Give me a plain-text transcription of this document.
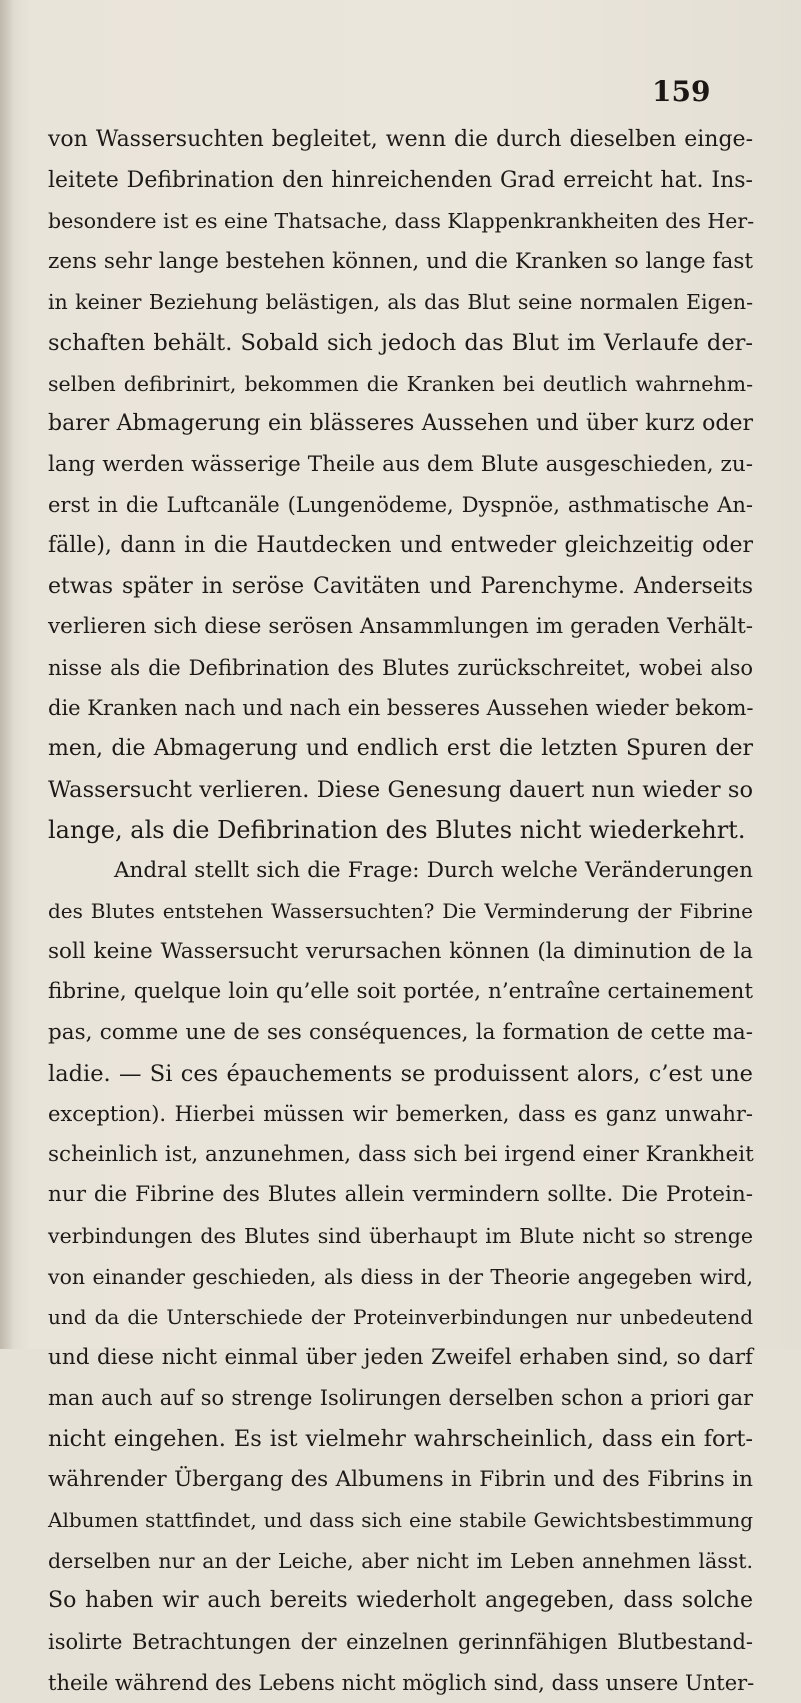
159
von Wassersuchten begleitet, wenn die durch dieselben einge-
leitete Defibrination den hinreichenden Grad erreicht hat. Ins-
besondere ist es eine Thatsache, dass Klappenkrankheiten des Her-
zens sehr lange bestehen können, und die Kranken so lange fast
in keiner Beziehung belästigen, als das Blut seine normalen Eigen-
schaften behält. Sobald sich jedoch das Blut im Verlaufe der-
selben defibrinirt, bekommen die Kranken bei deutlich wahrnehm-
barer Abmagerung ein blässeres Aussehen und über kurz oder
lang werden wässerige Theile aus dem Blute ausgeschieden, zu-
erst in die Luftcanäle (Lungenödeme, Dyspnöe, asthmatische An-
fälle), dann in die Hautdecken und entweder gleichzeitig oder
etwas später in seröse Cavitäten und Parenchyme. Anderseits
verlieren sich diese serösen Ansammlungen im geraden Verhält-
nisse als die Defibrination des Blutes zurückschreitet, wobei also
die Kranken nach und nach ein besseres Aussehen wieder bekom-
men, die Abmagerung und endlich erst die letzten Spuren der
Wassersucht verlieren. Diese Genesung dauert nun wieder so
lange, als die Defibrination des Blutes nicht wiederkehrt.
Andral stellt sich die Frage: Durch welche Veränderungen
des Blutes entstehen Wassersuchten? Die Verminderung der Fibrine
soll keine Wassersucht verursachen können (la diminution de la
fibrine, quelque loin qu’elle soit portée, n’entraîne certainement
pas, comme une de ses conséquences, la formation de cette ma-
ladie. — Si ces épauchements se produissent alors, c’est une
exception). Hierbei müssen wir bemerken, dass es ganz unwahr-
scheinlich ist, anzunehmen, dass sich bei irgend einer Krankheit
nur die Fibrine des Blutes allein vermindern sollte. Die Protein-
verbindungen des Blutes sind überhaupt im Blute nicht so strenge
von einander geschieden, als diess in der Theorie angegeben wird,
und da die Unterschiede der Proteinverbindungen nur unbedeutend
und diese nicht einmal über jeden Zweifel erhaben sind, so darf
man auch auf so strenge Isolirungen derselben schon a priori gar
nicht eingehen. Es ist vielmehr wahrscheinlich, dass ein fort-
währender Übergang des Albumens in Fibrin und des Fibrins in
Albumen stattfindet, und dass sich eine stabile Gewichtsbestimmung
derselben nur an der Leiche, aber nicht im Leben annehmen lässt.
So haben wir auch bereits wiederholt angegeben, dass solche
isolirte Betrachtungen der einzelnen gerinnfähigen Blutbestand-
theile während des Lebens nicht möglich sind, dass unsere Unter-
